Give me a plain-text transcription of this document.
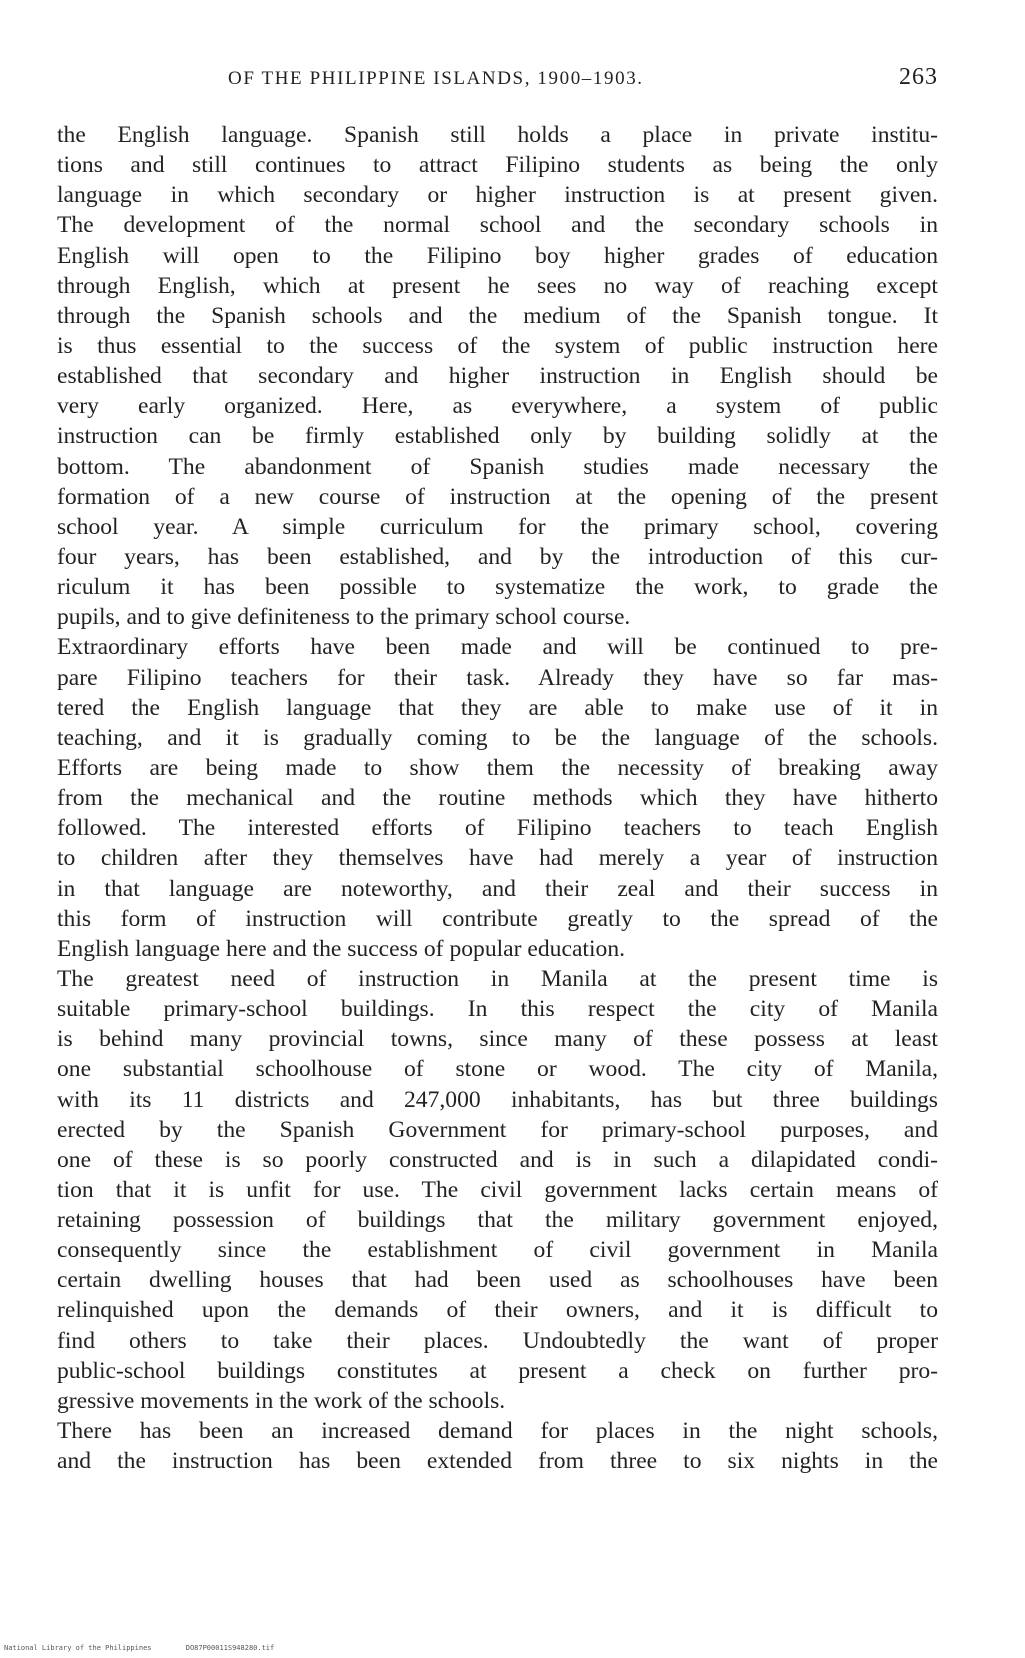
OF THE PHILIPPINE ISLANDS, 1900–1903.	263
the English language. Spanish still holds a place in private institu-
tions and still continues to attract Filipino students as being the only
language in which secondary or higher instruction is at present given.
The development of the normal school and the secondary schools in
English will open to the Filipino boy higher grades of education
through English, which at present he sees no way of reaching except
through the Spanish schools and the medium of the Spanish tongue. It
is thus essential to the success of the system of public instruction here
established that secondary and higher instruction in English should be
very early organized. Here, as everywhere, a system of public
instruction can be firmly established only by building solidly at the
bottom. The abandonment of Spanish studies made necessary the
formation of a new course of instruction at the opening of the present
school year. A simple curriculum for the primary school, covering
four years, has been established, and by the introduction of this cur-
riculum it has been possible to systematize the work, to grade the
pupils, and to give definiteness to the primary school course.
Extraordinary efforts have been made and will be continued to pre-
pare Filipino teachers for their task. Already they have so far mas-
tered the English language that they are able to make use of it in
teaching, and it is gradually coming to be the language of the schools.
Efforts are being made to show them the necessity of breaking away
from the mechanical and the routine methods which they have hitherto
followed. The interested efforts of Filipino teachers to teach English
to children after they themselves have had merely a year of instruction
in that language are noteworthy, and their zeal and their success in
this form of instruction will contribute greatly to the spread of the
English language here and the success of popular education.
The greatest need of instruction in Manila at the present time is
suitable primary-school buildings. In this respect the city of Manila
is behind many provincial towns, since many of these possess at least
one substantial schoolhouse of stone or wood. The city of Manila,
with its 11 districts and 247,000 inhabitants, has but three buildings
erected by the Spanish Government for primary-school purposes, and
one of these is so poorly constructed and is in such a dilapidated condi-
tion that it is unfit for use. The civil government lacks certain means of
retaining possession of buildings that the military government enjoyed,
consequently since the establishment of civil government in Manila
certain dwelling houses that had been used as schoolhouses have been
relinquished upon the demands of their owners, and it is difficult to
find others to take their places. Undoubtedly the want of proper
public-school buildings constitutes at present a check on further pro-
gressive movements in the work of the schools.
There has been an increased demand for places in the night schools,
and the instruction has been extended from three to six nights in the
National Library of the Philippines	DO87P00011S948280.tif
